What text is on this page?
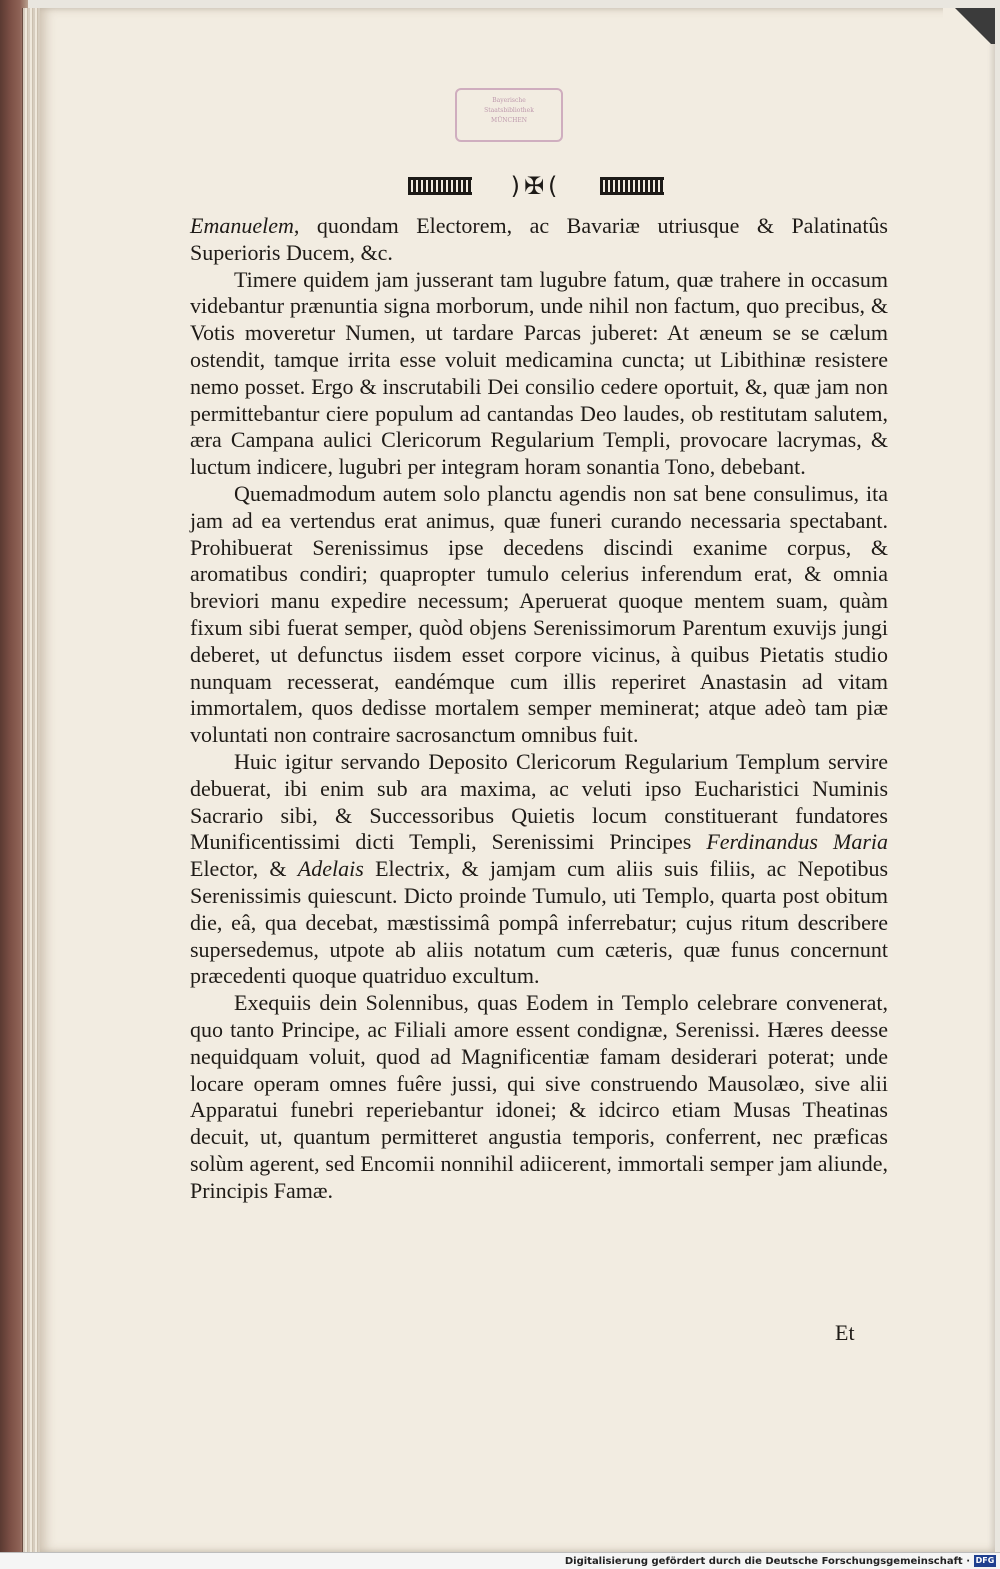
Bayerische
Staatsbibliothek
MÜNCHEN
)✠(

Emanuelem, quondam Electorem, ac Bavariæ utriusque & Palatinatûs Superioris Ducem, &c.

Timere quidem jam jusserant tam lugubre fatum, quæ trahere in occasum videbantur prænuntia signa morborum, unde nihil non factum, quo precibus, & Votis moveretur Numen, ut tardare Parcas juberet: At æneum se se cælum ostendit, tamque irrita esse voluit medicamina cuncta; ut Libithinæ resistere nemo posset. Ergo & inscrutabili Dei consilio cedere oportuit, &, quæ jam non permittebantur ciere populum ad cantandas Deo laudes, ob restitutam salutem, æra Campana aulici Clericorum Regularium Templi, provocare lacrymas, & luctum indicere, lugubri per integram horam sonantia Tono, debebant.

Quemadmodum autem solo planctu agendis non sat bene consulimus, ita jam ad ea vertendus erat animus, quæ funeri curando necessaria spectabant. Prohibuerat Serenissimus ipse decedens discindi exanime corpus, & aromatibus condiri; quapropter tumulo celerius inferendum erat, & omnia breviori manu expedire necessum; Aperuerat quoque mentem suam, quàm fixum sibi fuerat semper, quòd objens Serenissimorum Parentum exuvijs jungi deberet, ut defunctus iisdem esset corpore vicinus, à quibus Pietatis studio nunquam recesserat, eandémque cum illis reperiret Anastasin ad vitam immortalem, quos dedisse mortalem semper meminerat; atque adeò tam piæ voluntati non contraire sacrosanctum omnibus fuit.

Huic igitur servando Deposito Clericorum Regularium Templum servire debuerat, ibi enim sub ara maxima, ac veluti ipso Eucharistici Numinis Sacrario sibi, & Successoribus Quietis locum constituerant fundatores Munificentissimi dicti Templi, Serenissimi Principes Ferdinandus Maria Elector, & Adelais Electrix, & jamjam cum aliis suis filiis, ac Nepotibus Serenissimis quiescunt. Dicto proinde Tumulo, uti Templo, quarta post obitum die, eâ, qua decebat, mæstissimâ pompâ inferrebatur; cujus ritum describere supersedemus, utpote ab aliis notatum cum cæteris, quæ funus concernunt præcedenti quoque quatriduo excultum.

Exequiis dein Solennibus, quas Eodem in Templo celebrare convenerat, quo tanto Principe, ac Filiali amore essent condignæ, Serenissi. Hæres deesse nequidquam voluit, quod ad Magnificentiæ famam desiderari poterat; unde locare operam omnes fuêre jussi, qui sive construendo Mausolæo, sive alii Apparatui funebri reperiebantur idonei; & idcirco etiam Musas Theatinas decuit, ut, quantum permitteret angustia temporis, conferrent, nec præficas solùm agerent, sed Encomii nonnihil adiicerent, immortali semper jam aliunde, Principis Famæ.

Et
Digitalisierung gefördert durch die Deutsche Forschungsgemeinschaft · DFG
